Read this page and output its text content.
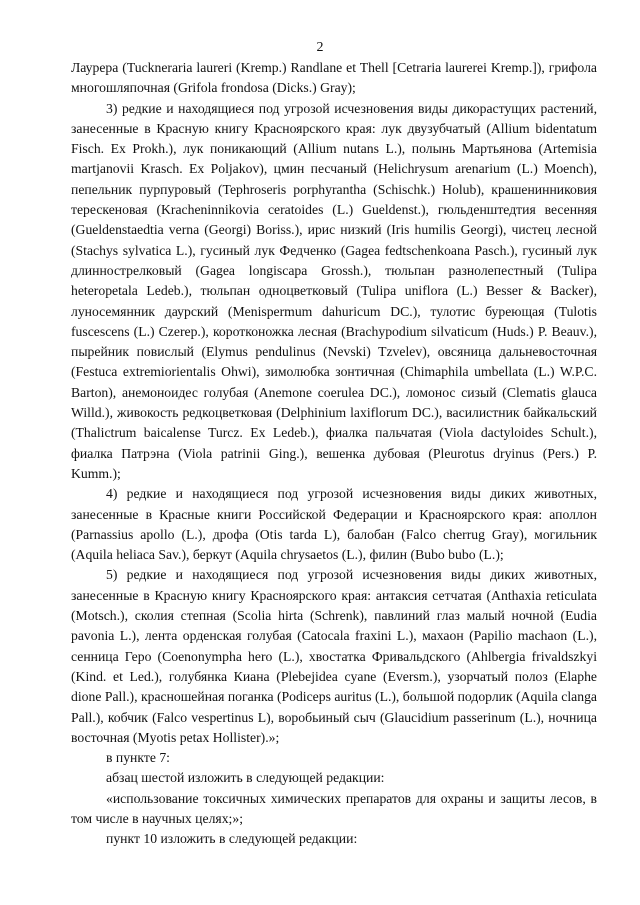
2

Лаурера (Tuckneraria laureri (Kremp.) Randlane et Thell [Cetraria laurerei Kremp.]), грифола многошляпочная (Grifola frondosa (Dicks.) Gray);

3) редкие и находящиеся под угрозой исчезновения виды дикорастущих растений, занесенные в Красную книгу Красноярского края: лук двузубчатый (Allium bidentatum Fisch. Ex Prokh.), лук поникающий (Allium nutans L.), полынь Мартьянова (Artemisia martjanovii Krasch. Ex Poljakov), цмин песчаный (Helichrysum arenarium (L.) Moench), пепельник пурпуровый (Tephroseris porphyrantha (Schischk.) Holub), крашенинниковия терескеновая (Krachenіnnikovia ceratoides (L.) Gueldenst.), гюльденштедтия весенняя (Gueldenstaedtia verna (Georgi) Boriss.), ирис низкий (Iris humilis Georgi), чистец лесной (Stachys sylvatica L.), гусиный лук Федченко (Gagea fedtschenkoana Pasch.), гусиный лук длиннострелковый (Gagea longiscapa Grossh.), тюльпан разнолепестный (Tulipa heteropetala Ledeb.), тюльпан одноцветковый (Tulipa uniflora (L.) Besser & Backer), луносемянник даурский (Menispermum dahuricum DC.), тулотис буреющая (Tulotis fuscescens (L.) Czerep.), коротконожка лесная (Brachypodium silvaticum (Huds.) P. Beauv.), пырейник повислый (Elymus pendulinus (Nevski) Tzvelev), овсяница дальневосточная (Festuca extremiorientalis Ohwi), зимолюбка зонтичная (Chimaphila umbellata (L.) W.P.C. Barton), анемоноидес голубая (Anemone coerulea DC.), ломонос сизый (Clematis glauca Willd.), живокость редкоцветковая (Delphinium laxiflorum DC.), василистник байкальский (Thalictrum baicalense Turcz. Ex Ledeb.), фиалка пальчатая (Viola dactyloides Schult.), фиалка Патрэна (Viola patrinii Ging.), вешенка дубовая (Pleurotus dryinus (Pers.) P. Kumm.);

4) редкие и находящиеся под угрозой исчезновения виды диких животных, занесенные в Красные книги Российской Федерации и Красноярского края: аполлон (Parnassius apollo (L.), дрофа (Otis tarda L), балобан (Falco cherrug Gray), могильник (Aquila heliaca Sav.), беркут (Aquila chrysaetos (L.), филин (Bubo bubo (L.);

5) редкие и находящиеся под угрозой исчезновения виды диких животных, занесенные в Красную книгу Красноярского края: антаксия сетчатая (Anthaxia reticulata (Motsch.), сколия степная (Scolia hirta (Schrenk), павлиний глаз малый ночной (Eudia pavonia L.), лента орденская голубая (Catocala fraxini L.), махаон (Papilio machaon (L.), сенница Геро (Coenonympha hero (L.), хвостатка Фривальдского (Ahlbergia frivaldszkyi (Kind. et Led.), голубянка Киана (Plebejidea cyane (Eversm.), узорчатый полоз (Elaphe dione Pall.), красношейная поганка (Podiceps auritus (L.), большой подорлик (Aquila clanga Pall.), кобчик (Falco vespertinus L), воробьиный сыч (Glaucidium passerinum (L.), ночница восточная (Myotis petax Hollister).»;

в пункте 7:

абзац шестой изложить в следующей редакции:

«использование токсичных химических препаратов для охраны и защиты лесов, в том числе в научных целях;»;

пункт 10 изложить в следующей редакции:
